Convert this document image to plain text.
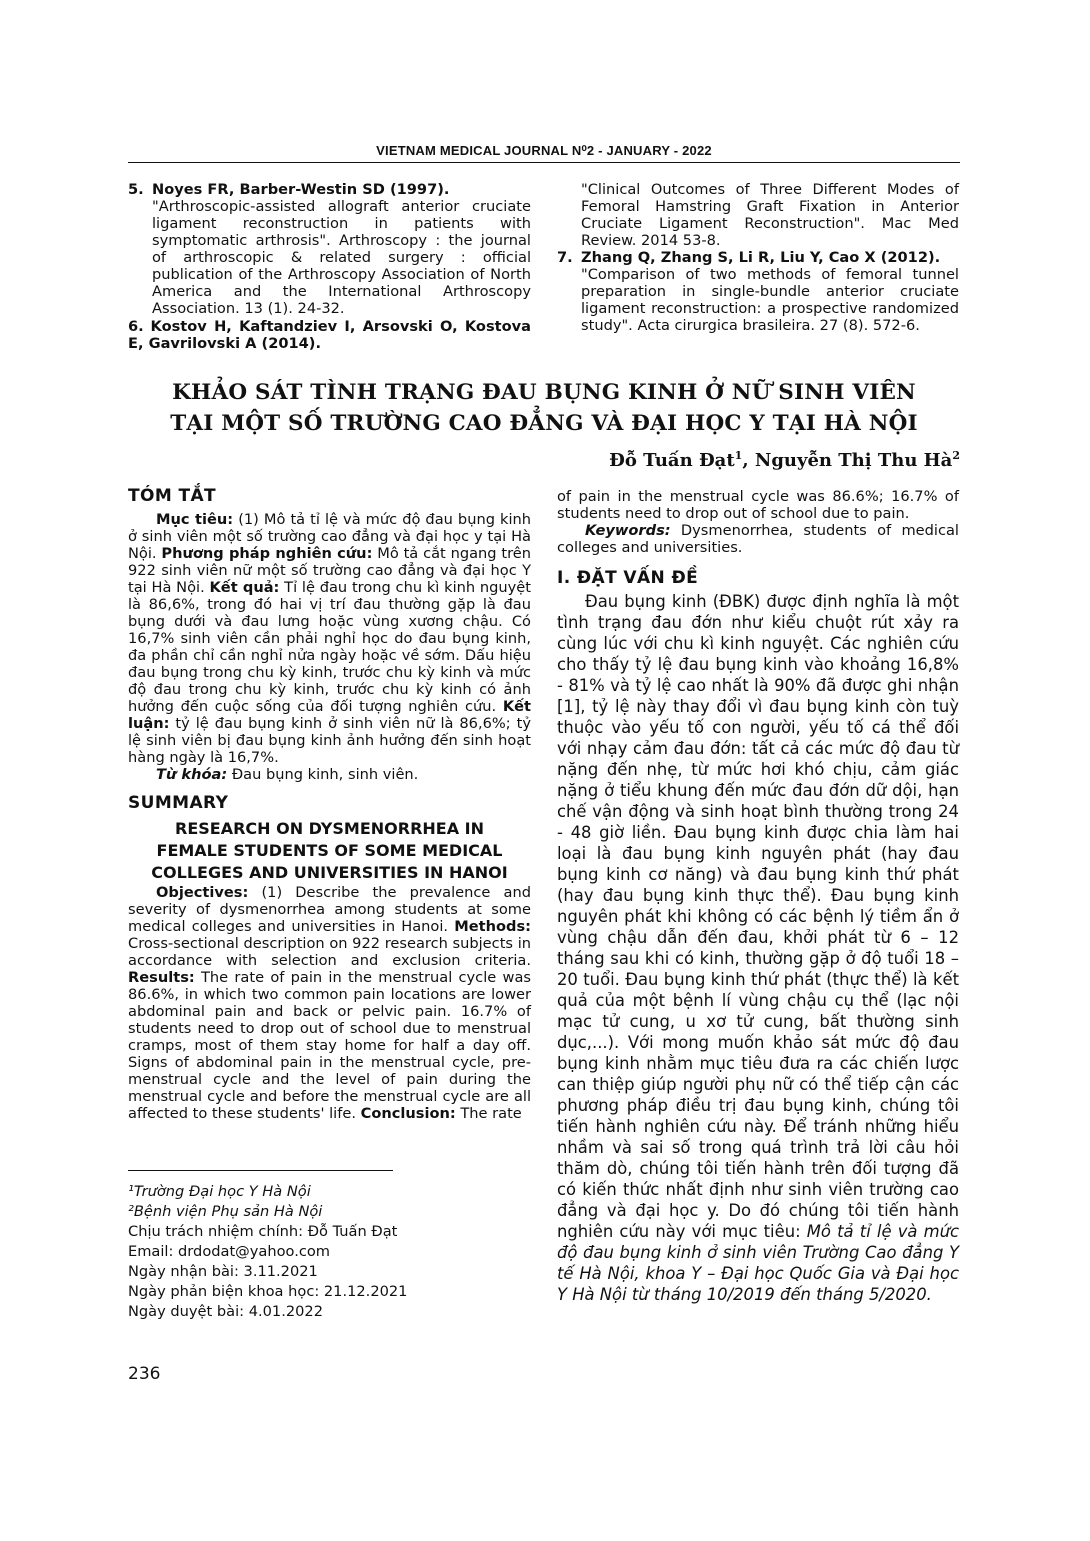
VIETNAM MEDICAL JOURNAL N⁰2 - JANUARY - 2022

5. Noyes FR, Barber-Westin SD (1997).
"Arthroscopic-assisted allograft anterior cruciate ligament reconstruction in patients with symptomatic arthrosis". Arthroscopy : the journal of arthroscopic & related surgery : official publication of the Arthroscopy Association of North America and the International Arthroscopy Association. 13 (1). 24-32.

6. Kostov H, Kaftandziev I, Arsovski O, Kostova E, Gavrilovski A (2014).

"Clinical Outcomes of Three Different Modes of Femoral Hamstring Graft Fixation in Anterior Cruciate Ligament Reconstruction". Mac Med Review. 2014 53-8.

7. Zhang Q, Zhang S, Li R, Liu Y, Cao X (2012).
"Comparison of two methods of femoral tunnel preparation in single-bundle anterior cruciate ligament reconstruction: a prospective randomized study". Acta cirurgica brasileira. 27 (8). 572-6.

KHẢO SÁT TÌNH TRẠNG ĐAU BỤNG KINH Ở NỮ SINH VIÊN
TẠI MỘT SỐ TRƯỜNG CAO ĐẲNG VÀ ĐẠI HỌC Y TẠI HÀ NỘI
Đỗ Tuấn Đạt$^1$, Nguyễn Thị Thu $Hà^2$
TÓM TẮT

Mục tiêu: (1) Mô tả tỉ lệ và mức độ đau bụng kinh ở sinh viên một số trường cao đẳng và đại học y tại Hà Nội. Phương pháp nghiên cứu: Mô tả cắt ngang trên 922 sinh viên nữ một số trường cao đẳng và đại học Y tại Hà Nội. Kết quả: Tỉ lệ đau trong chu kì kinh nguyệt là 86,6%, trong đó hai vị trí đau thường gặp là đau bụng dưới và đau lưng hoặc vùng xương chậu. Có 16,7% sinh viên cần phải nghỉ học do đau bụng kinh, đa phần chỉ cần nghỉ nửa ngày hoặc về sớm. Dấu hiệu đau bụng trong chu kỳ kinh, trước chu kỳ kinh và mức độ đau trong chu kỳ kinh, trước chu kỳ kinh có ảnh hưởng đến cuộc sống của đối tượng nghiên cứu. Kết luận: tỷ lệ đau bụng kinh ở sinh viên nữ là 86,6%; tỷ lệ sinh viên bị đau bụng kinh ảnh hưởng đến sinh hoạt hàng ngày là 16,7%.

Từ khóa: Đau bụng kinh, sinh viên.

SUMMARY
RESEARCH ON DYSMENORRHEA IN
FEMALE STUDENTS OF SOME MEDICAL
COLLEGES AND UNIVERSITIES IN HANOI

Objectives: (1) Describe the prevalence and severity of dysmenorrhea among students at some medical colleges and universities in Hanoi. Methods: Cross-sectional description on 922 research subjects in accordance with selection and exclusion criteria. Results: The rate of pain in the menstrual cycle was 86.6%, in which two common pain locations are lower abdominal pain and back or pelvic pain. 16.7% of students need to drop out of school due to menstrual cramps, most of them stay home for half a day off. Signs of abdominal pain in the menstrual cycle, pre-menstrual cycle and the level of pain during the menstrual cycle and before the menstrual cycle are all affected to these students' life. Conclusion: The rate

of pain in the menstrual cycle was 86.6%; 16.7% of students need to drop out of school due to pain.

Keywords: Dysmenorrhea, students of medical colleges and universities.

I. ĐẶT VẤN ĐỀ

Đau bụng kinh (ĐBK) được định nghĩa là một tình trạng đau đớn như kiểu chuột rút xảy ra cùng lúc với chu kì kinh nguyệt. Các nghiên cứu cho thấy tỷ lệ đau bụng kinh vào khoảng 16,8% - 81% và tỷ lệ cao nhất là 90% đã được ghi nhận [1], tỷ lệ này thay đổi vì đau bụng kinh còn tuỳ thuộc vào yếu tố con người, yếu tố cá thể đối với nhạy cảm đau đớn: tất cả các mức độ đau từ nặng đến nhẹ, từ mức hơi khó chịu, cảm giác nặng ở tiểu khung đến mức đau đớn dữ dội, hạn chế vận động và sinh hoạt bình thường trong 24 - 48 giờ liền. Đau bụng kinh được chia làm hai loại là đau bụng kinh nguyên phát (hay đau bụng kinh cơ năng) và đau bụng kinh thứ phát (hay đau bụng kinh thực thể). Đau bụng kinh nguyên phát khi không có các bệnh lý tiềm ẩn ở vùng chậu dẫn đến đau, khởi phát từ 6 – 12 tháng sau khi có kinh, thường gặp ở độ tuổi 18 – 20 tuổi. Đau bụng kinh thứ phát (thực thể) là kết quả của một bệnh lí vùng chậu cụ thể (lạc nội mạc tử cung, u xơ tử cung, bất thường sinh dục,...). Với mong muốn khảo sát mức độ đau bụng kinh nhằm mục tiêu đưa ra các chiến lược can thiệp giúp người phụ nữ có thể tiếp cận các phương pháp điều trị đau bụng kinh, chúng tôi tiến hành nghiên cứu này. Để tránh những hiểu nhầm và sai số trong quá trình trả lời câu hỏi thăm dò, chúng tôi tiến hành trên đối tượng đã có kiến thức nhất định như sinh viên trường cao đẳng và đại học y. Do đó chúng tôi tiến hành nghiên cứu này với mục tiêu: Mô tả tỉ lệ và mức độ đau bụng kinh ở sinh viên Trường Cao đẳng Y tế Hà Nội, khoa Y – Đại học Quốc Gia và Đại học Y Hà Nội từ tháng 10/2019 đến tháng 5/2020.

¹Trường Đại học Y Hà Nội
²Bệnh viện Phụ sản Hà Nội
Chịu trách nhiệm chính: Đỗ Tuấn Đạt
Email: drdodat@yahoo.com
Ngày nhận bài: 3.11.2021
Ngày phản biện khoa học: 21.12.2021
Ngày duyệt bài: 4.01.2022
236
